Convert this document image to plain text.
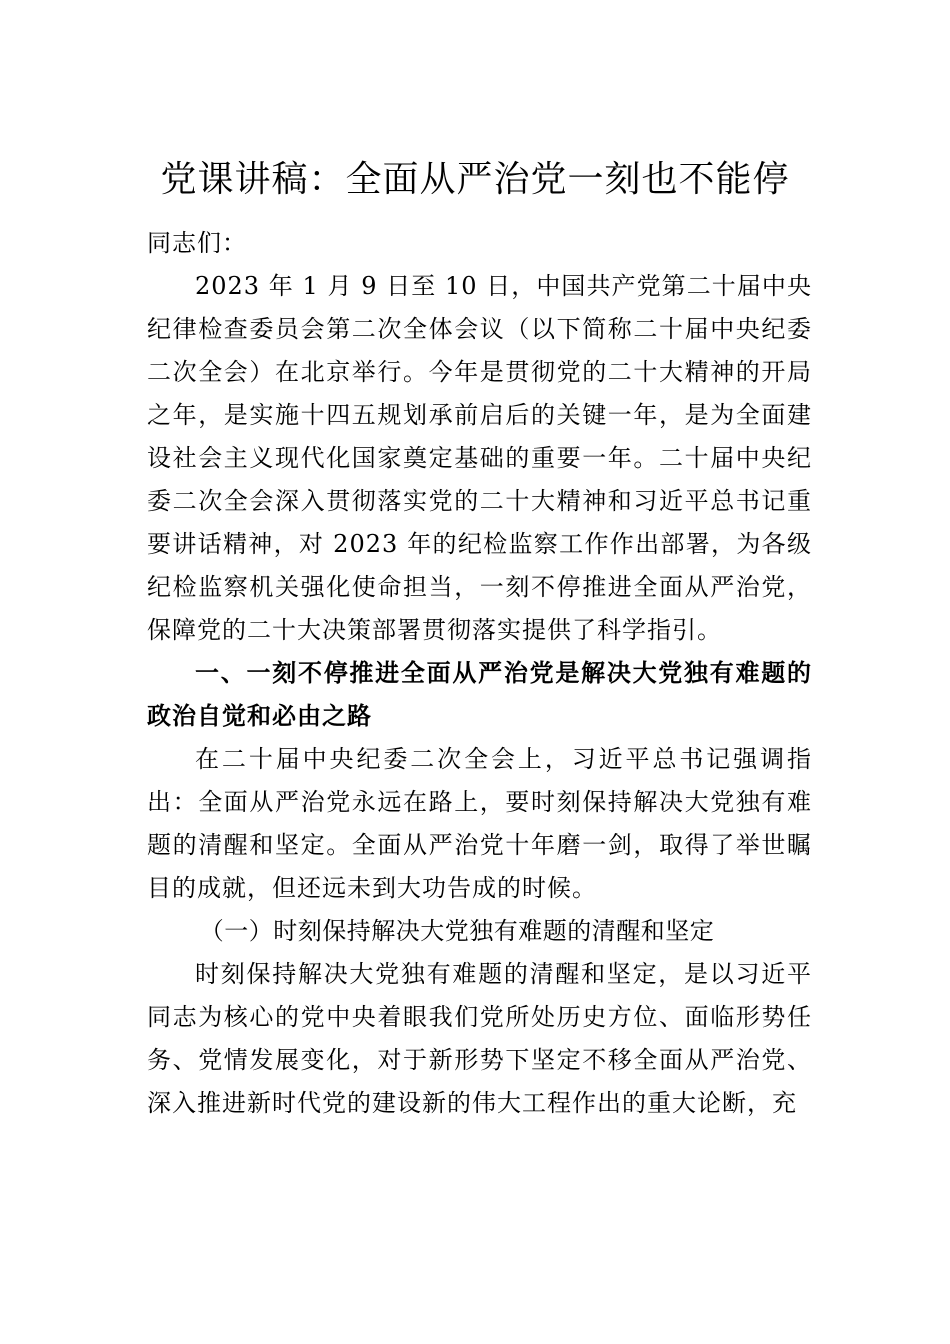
党课讲稿：全面从严治党一刻也不能停

同志们：

2023 年 1 月 9 日至 10 日，中国共产党第二十届中央纪律检查委员会第二次全体会议（以下简称二十届中央纪委二次全会）在北京举行。今年是贯彻党的二十大精神的开局之年，是实施十四五规划承前启后的关键一年，是为全面建设社会主义现代化国家奠定基础的重要一年。二十届中央纪委二次全会深入贯彻落实党的二十大精神和习近平总书记重要讲话精神，对 2023 年的纪检监察工作作出部署，为各级纪检监察机关强化使命担当，一刻不停推进全面从严治党，保障党的二十大决策部署贯彻落实提供了科学指引。

一、一刻不停推进全面从严治党是解决大党独有难题的政治自觉和必由之路

在二十届中央纪委二次全会上，习近平总书记强调指出：全面从严治党永远在路上，要时刻保持解决大党独有难题的清醒和坚定。全面从严治党十年磨一剑，取得了举世瞩目的成就，但还远未到大功告成的时候。

（一）时刻保持解决大党独有难题的清醒和坚定

时刻保持解决大党独有难题的清醒和坚定，是以习近平同志为核心的党中央着眼我们党所处历史方位、面临形势任务、党情发展变化，对于新形势下坚定不移全面从严治党、 深入推进新时代党的建设新的伟大工程作出的重大论断，充
